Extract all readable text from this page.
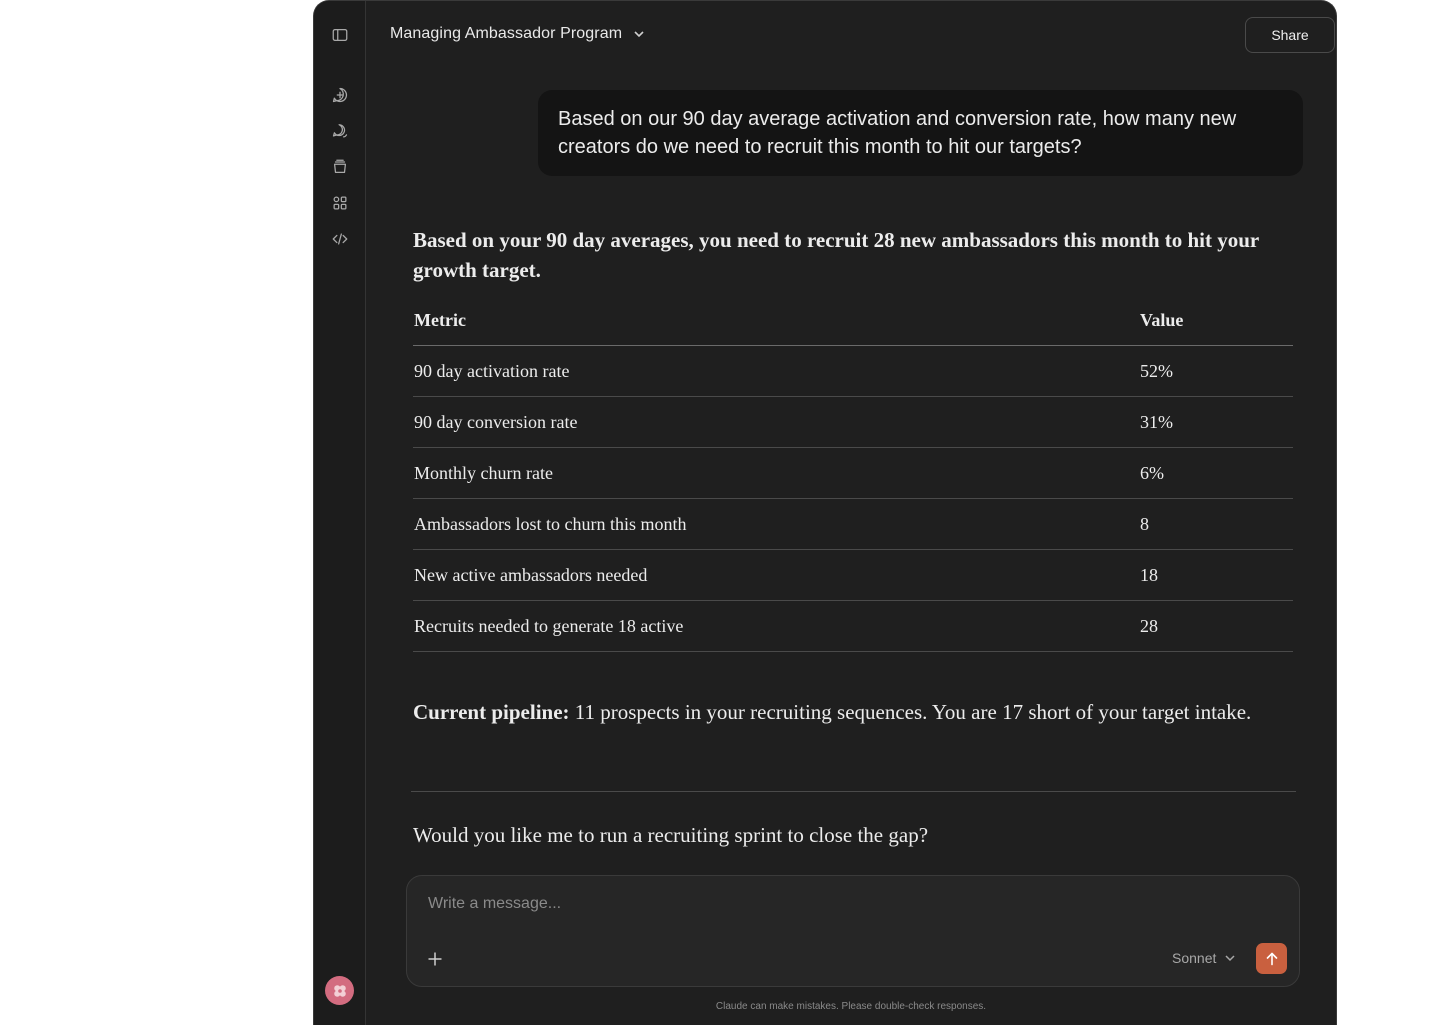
Managing Ambassador Program	Share
Based on our 90 day average activation and conversion rate, how many new creators do we need to recruit this month to hit our targets?

Based on your 90 day averages, you need to recruit 28 new ambassadors this month to hit your growth target.

Metric	Value
90 day activation rate	52%
90 day conversion rate	31%
Monthly churn rate	6%
Ambassadors lost to churn this month	8
New active ambassadors needed	18
Recruits needed to generate 18 active	28
Current pipeline: 11 prospects in your recruiting sequences. You are 17 short of your target intake.
Would you like me to run a recruiting sprint to close the gap?
Write a message...
Sonnet
Claude can make mistakes. Please double-check responses.
